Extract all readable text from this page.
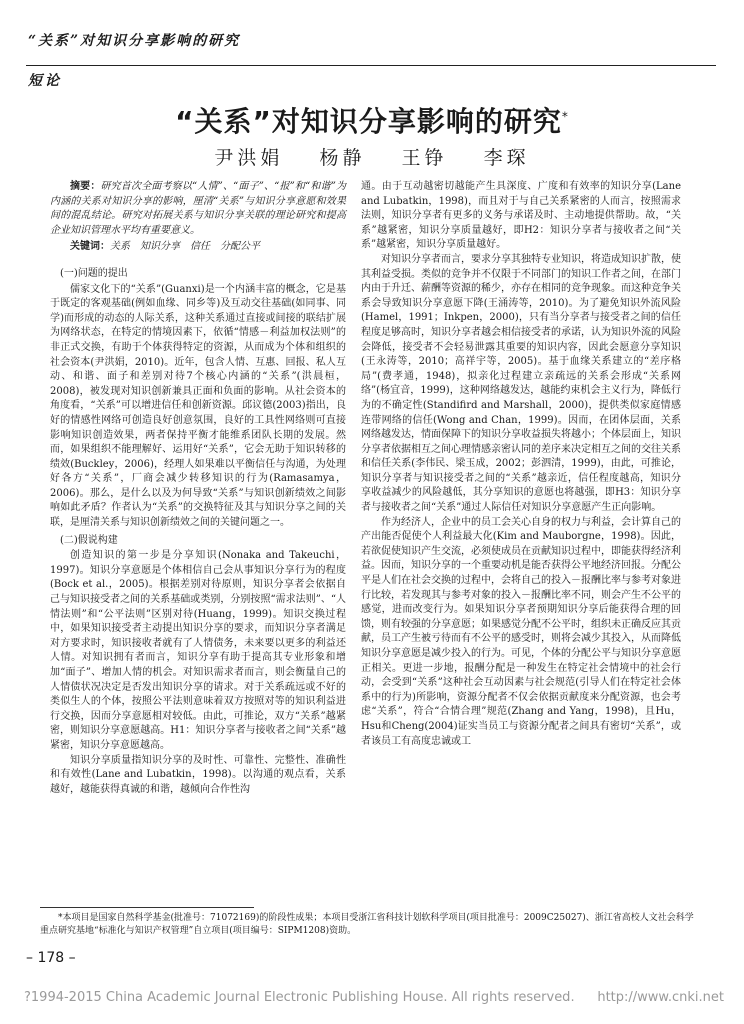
“关系”对知识分享影响的研究
短论
“关系”对知识分享影响的研究*
尹洪娟 杨静 王铮 李琛

摘要：研究首次全面考察以“人情”、“面子”、“报”和“和谐”为内涵的关系对知识分享的影响，厘清“关系”与知识分享意愿和效果间的混乱结论。研究对拓展关系与知识分享关联的理论研究和提高企业知识管理水平均有重要意义。

关键词：关系　知识分享　信任　分配公平

(一)问题的提出

儒家文化下的“关系”(Guanxi)是一个内涵丰富的概念，它是基于既定的客观基础(例如血缘、同乡等)及互动交往基础(如同事、同学)而形成的动态的人际关系，这种关系通过直接或间接的联结扩展为网络状态，在特定的情境因素下，依循“情感－利益加权法则”的非正式交换，有助于个体获得特定的资源，从而成为个体和组织的社会资本(尹洪娟，2010)。近年，包含人情、互惠、回报、私人互动、和谐、面子和差别对待7个核心内涵的“关系”(洪晨桓，2008)，被发现对知识创新兼具正面和负面的影响。从社会资本的角度看，“关系”可以增进信任和创新资源。邱议德(2003)指出，良好的情感性网络可创造良好创意氛围，良好的工具性网络则可直接影响知识创造效果，两者保持平衡才能维系团队长期的发展。然而，如果组织不能理解好、运用好“关系”，它会无助于知识转移的绩效(Buckley，2006)，经理人如果难以平衡信任与沟通，为处理好各方“关系”，厂商会减少转移知识的行为(Ramasamya，2006)。那么，是什么以及为何导致“关系”与知识创新绩效之间影响如此矛盾？作者认为“关系”的交换特征及其与知识分享之间的关联，是厘清关系与知识创新绩效之间的关键问题之一。

(二)假说构建

创造知识的第一步是分享知识(Nonaka and Takeuchi，1997)。知识分享意愿是个体相信自己会从事知识分享行为的程度(Bock et al.，2005)。根据差别对待原则，知识分享者会依据自己与知识接受者之间的关系基础或类别，分别按照“需求法则”、“人情法则”和“公平法则”区别对待(Huang，1999)。知识交换过程中，如果知识接受者主动提出知识分享的要求，而知识分享者满足对方要求时，知识接收者就有了人情债务，未来要以更多的利益还人情。对知识拥有者而言，知识分享有助于提高其专业形象和增加“面子”、增加人情的机会。对知识需求者而言，则会衡量自己的人情债状况决定是否发出知识分享的请求。对于关系疏远或不好的类似生人的个体，按照公平法则意味着双方按照对等的知识利益进行交换，因而分享意愿相对较低。由此，可推论，双方“关系”越紧密，则知识分享意愿越高。H1：知识分享者与接收者之间“关系”越紧密，知识分享意愿越高。

知识分享质量指知识分享的及时性、可靠性、完整性、准确性和有效性(Lane and Lubatkin，1998)。以沟通的观点看，关系越好，越能获得真诚的和谐，越倾向合作性沟

通。由于互动越密切越能产生具深度、广度和有效率的知识分享(Lane and Lubatkin，1998)，而且对于与自己关系紧密的人而言，按照需求法则，知识分享者有更多的义务与承诺及时、主动地提供帮助。故，“关系”越紧密，知识分享质量越好，即H2：知识分享者与接收者之间“关系”越紧密，知识分享质量越好。

对知识分享者而言，要求分享其独特专业知识，将造成知识扩散，使其利益受损。类似的竞争并不仅限于不同部门的知识工作者之间，在部门内由于升迁、薪酬等资源的稀少，亦存在相同的竞争现象。而这种竞争关系会导致知识分享意愿下降(王涌涛等，2010)。为了避免知识外流风险(Hamel，1991；Inkpen，2000)，只有当分享者与接受者之间的信任程度足够高时，知识分享者越会相信接受者的承诺，认为知识外流的风险会降低，接受者不会轻易泄露其重要的知识内容，因此会愿意分享知识(王永涛等，2010；高祥宇等，2005)。基于血缘关系建立的“差序格局”(费孝通，1948)，拟亲化过程建立亲疏远的关系会形成“关系网络”(杨宜音，1999)，这种网络越发达，越能约束机会主义行为，降低行为的不确定性(Standifird and Marshall，2000)，提供类似家庭情感连带网络的信任(Wong and Chan，1999)。因而，在团体层面，关系网络越发达，情面保障下的知识分享收益损失将越小；个体层面上，知识分享者依据相互之间心理情感亲密认同的差序来决定相互之间的交往关系和信任关系(李伟民、梁玉成，2002；彭泗清，1999)，由此，可推论，知识分享者与知识接受者之间的“关系”越亲近，信任程度越高，知识分享收益减少的风险越低，其分享知识的意愿也将越强，即H3：知识分享者与接收者之间“关系”通过人际信任对知识分享意愿产生正向影响。

作为经济人，企业中的员工会关心自身的权力与利益，会计算自己的产出能否促使个人利益最大化(Kim and Mauborgne，1998)。因此，若欲促使知识产生交流，必须使成员在贡献知识过程中，即能获得经济利益。因而，知识分享的一个重要动机是能否获得公平地经济回报。分配公平是人们在社会交换的过程中，会将自己的投入－报酬比率与参考对象进行比较，若发现其与参考对象的投入－报酬比率不同，则会产生不公平的感觉，进而改变行为。如果知识分享者预期知识分享后能获得合理的回馈，则有较强的分享意愿；如果感觉分配不公平时，组织未正确反应其贡献，员工产生被亏待而有不公平的感受时，则将会减少其投入，从而降低知识分享意愿是减少投入的行为。可见，个体的分配公平与知识分享意愿正相关。更进一步地，报酬分配是一种发生在特定社会情境中的社会行动，会受到“关系”这种社会互动因素与社会规范(引导人们在特定社会体系中的行为)所影响，资源分配者不仅会依据贡献度来分配资源，也会考虑“关系”，符合“合情合理”规范(Zhang and Yang，1998)，且Hu，Hsu和Cheng(2004)证实当员工与资源分配者之间具有密切“关系”，或者该员工有高度忠诚或工

*本项目是国家自然科学基金(批准号：71072169)的阶段性成果；本项目受浙江省科技计划软科学项目(项目批准号：2009C25027)、浙江省高校人文社会科学重点研究基地“标准化与知识产权管理”自立项目(项目编号：SIPM1208)资助。
– 178 –
?1994-2015 China Academic Journal Electronic Publishing House. All rights reserved. http://www.cnki.net
